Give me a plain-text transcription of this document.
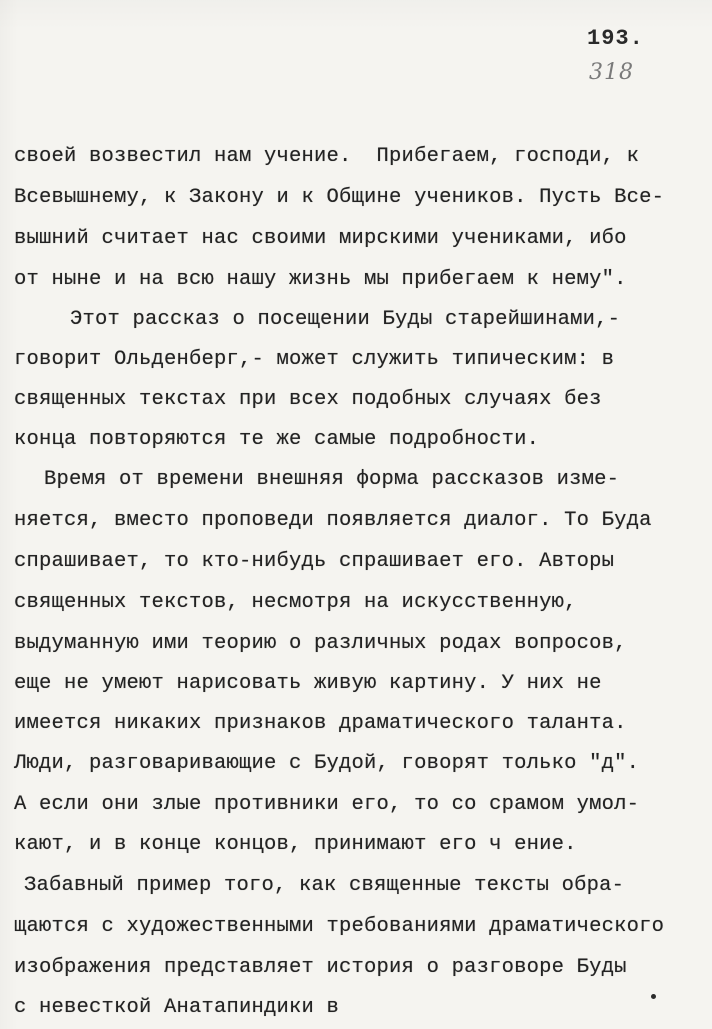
193.
318
своей возвестил нам учение.  Прибегаем, господи, к
Всевышнему, к Закону и к Общине учеников. Пусть Все-
вышний считает нас своими мирскими учениками, ибо
от ныне и на всю нашу жизнь мы прибегаем к нему".
Этот рассказ о посещении Буды старейшинами,-
говорит Ольденберг,- может служить типическим: в
священных текстах при всех подобных случаях без
конца повторяются те же самые подробности.
Время от времени внешняя форма рассказов изме-
няется, вместо проповеди появляется диалог. То Буда
спрашивает, то кто-нибудь спрашивает его. Авторы
священных текстов, несмотря на искусственную,
выдуманную ими теорию о различных родах вопросов,
еще не умеют нарисовать живую картину. У них не
имеется никаких признаков драматического таланта.
Люди, разговаривающие с Будой, говорят только "д".
А если они злые противники его, то со срамом умол-
кают, и в конце концов, принимают его ч ение.
Забавный пример того, как священные тексты обра-
щаются с художественными требованиями драматического
изображения представляет история о разговоре Буды
с невесткой Анатапиндики в
